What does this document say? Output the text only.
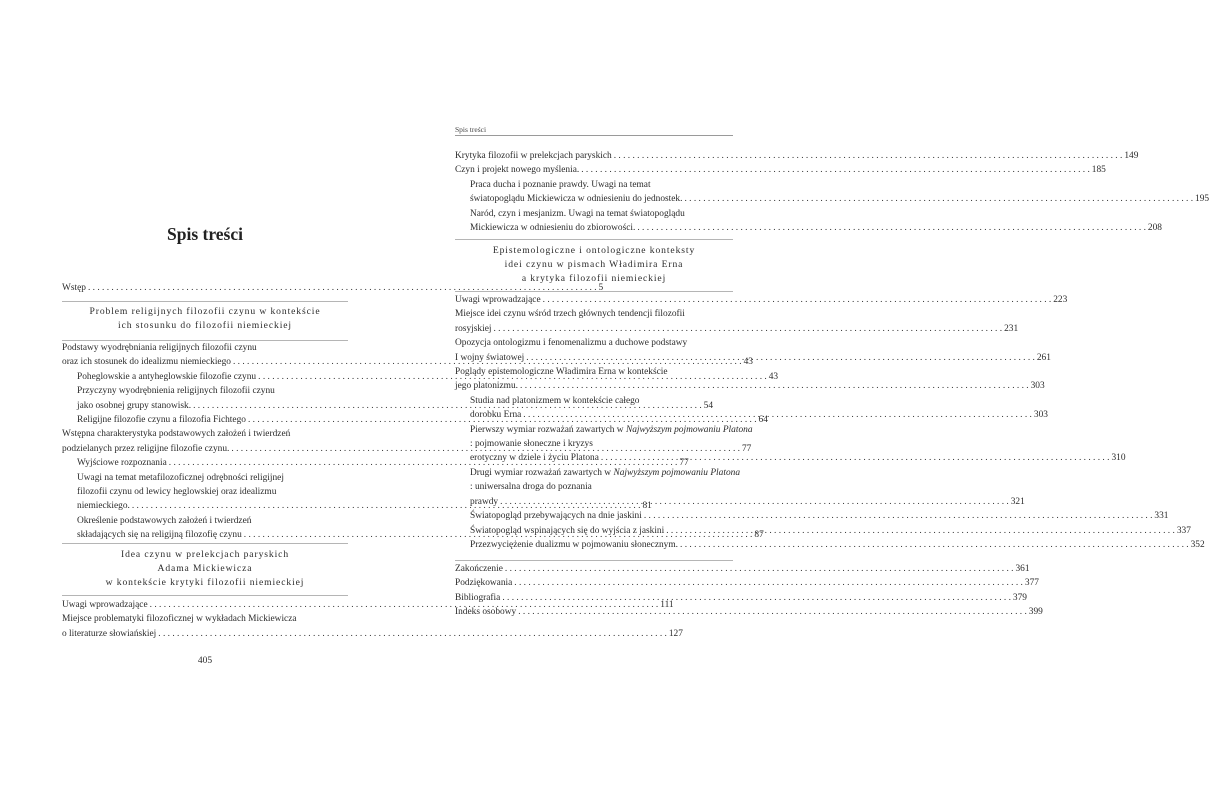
Spis treści
Wstęp . . .	5
Problem religijnych filozofii czynu w kontekście
ich stosunku do filozofii niemieckiej
Podstawy wyodrębniania religijnych filozofii czynu
oraz ich stosunek do idealizmu niemieckiego . . .	43
Poheglowskie a antyheglowskie filozofie czynu . . .	43
Przyczyny wyodrębnienia religijnych filozofii czynu
jako osobnej grupy stanowisk. . . .	54
Religijne filozofie czynu a filozofia Fichtego . . .	64
Wstępna charakterystyka podstawowych założeń i twierdzeń
podzielanych przez religijne filozofie czynu. . . .	77
Wyjściowe rozpoznania . . .	77
Uwagi na temat metafilozoficznej odrębności religijnej
filozofii czynu od lewicy heglowskiej oraz idealizmu
niemieckiego. . . .	81
Określenie podstawowych założeń i twierdzeń
składających się na religijną filozofię czynu . . .	87
Idea czynu w prelekcjach paryskich
Adama Mickiewicza
w kontekście krytyki filozofii niemieckiej
Uwagi wprowadzające . . .	111
Miejsce problematyki filozoficznej w wykładach Mickiewicza
o literaturze słowiańskiej . . .	127
405
Spis treści
Krytyka filozofii w prelekcjach paryskich . . .	149
Czyn i projekt nowego myślenia. . . .	185
Praca ducha i poznanie prawdy. Uwagi na temat
światopoglądu Mickiewicza w odniesieniu do jednostek. . . .	195
Naród, czyn i mesjanizm. Uwagi na temat światopoglądu
Mickiewicza w odniesieniu do zbiorowości. . . .	208
Epistemologiczne i ontologiczne konteksty
idei czynu w pismach Władimira Erna
a krytyka filozofii niemieckiej
Uwagi wprowadzające . . .	223
Miejsce idei czynu wśród trzech głównych tendencji filozofii
rosyjskiej . . .	231
Opozycja ontologizmu i fenomenalizmu a duchowe podstawy
I wojny światowej . . .	261
Poglądy epistemologiczne Władimira Erna w kontekście
jego platonizmu. . . .	303
Studia nad platonizmem w kontekście całego
dorobku Erna . . .	303
Pierwszy wymiar rozważań zawartych w Najwyższym pojmowaniu Platona
: pojmowanie słoneczne i kryzys
erotyczny w dziele i życiu Platona . . .	310
Drugi wymiar rozważań zawartych w Najwyższym pojmowaniu Platona
: uniwersalna droga do poznania
prawdy . . .	321
Światopogląd przebywających na dnie jaskini . . .	331
Światopogląd wspinających się do wyjścia z jaskini . . .	337
Przezwyciężenie dualizmu w pojmowaniu słonecznym. . . .	352
Zakończenie . . .	361
Podziękowania . . .	377
Bibliografia . . .	379
Indeks osobowy . . .	399
